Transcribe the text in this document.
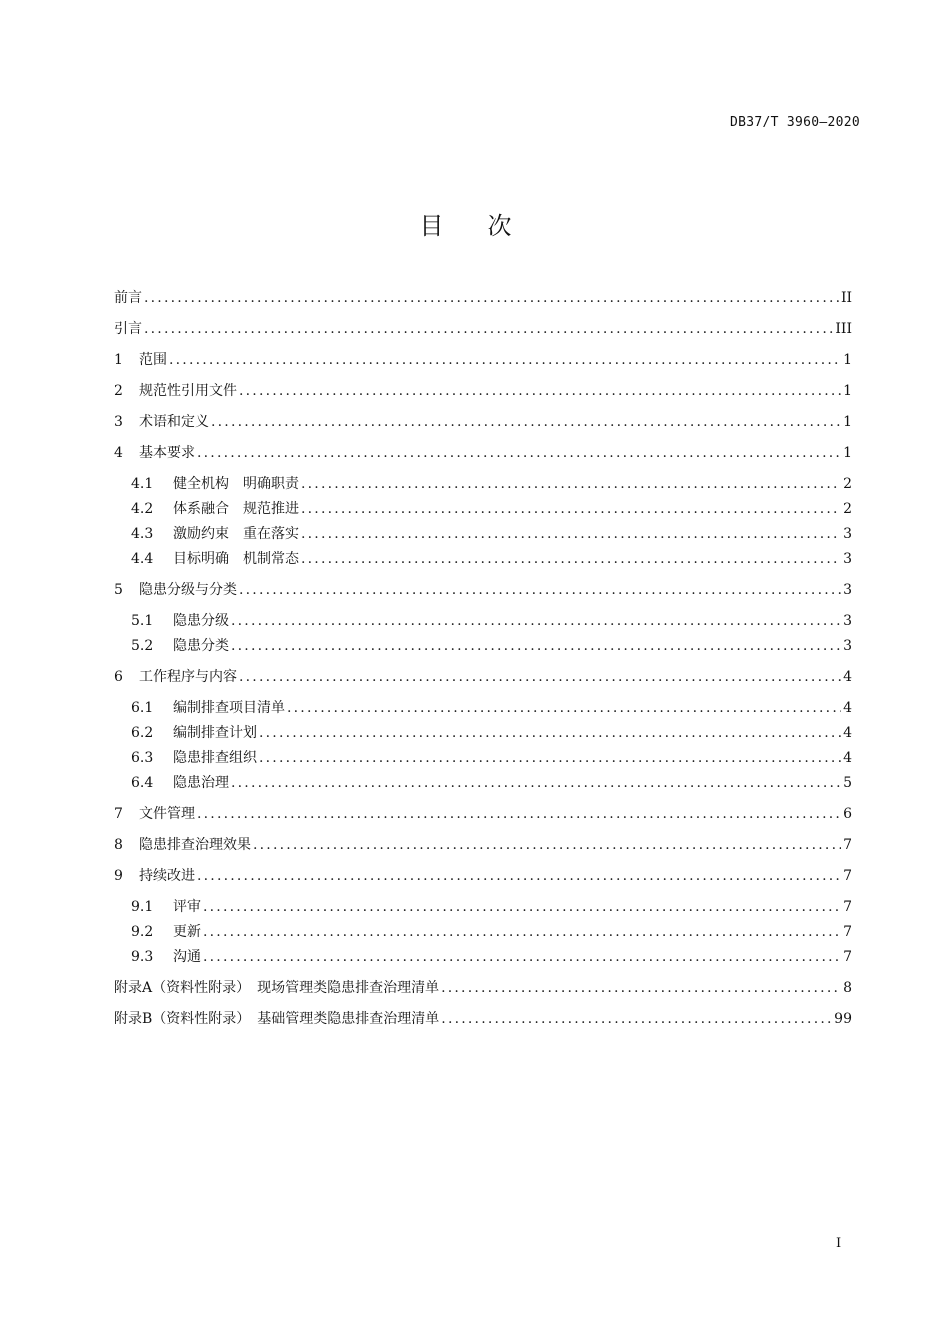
DB37/T 3960—2020
目次
前言 .....	II
引言 .....	III
1	范围 .....	1
2	规范性引用文件 .....	1
3	术语和定义 .....	1
4	基本要求 .....	1
4.1	健全机构　明确职责 .....	2
4.2	体系融合　规范推进 .....	2
4.3	激励约束　重在落实 .....	3
4.4	目标明确　机制常态 .....	3
5	隐患分级与分类 .....	3
5.1	隐患分级 .....	3
5.2	隐患分类 .....	3
6	工作程序与内容 .....	4
6.1	编制排查项目清单 .....	4
6.2	编制排查计划 .....	4
6.3	隐患排查组织 .....	4
6.4	隐患治理 .....	5
7	文件管理 .....	6
8	隐患排查治理效果 .....	7
9	持续改进 .....	7
9.1	评审 .....	7
9.2	更新 .....	7
9.3	沟通 .....	7
附录A（资料性附录）　现场管理类隐患排查治理清单 .....	8
附录B（资料性附录）　基础管理类隐患排查治理清单 .....	99
I
